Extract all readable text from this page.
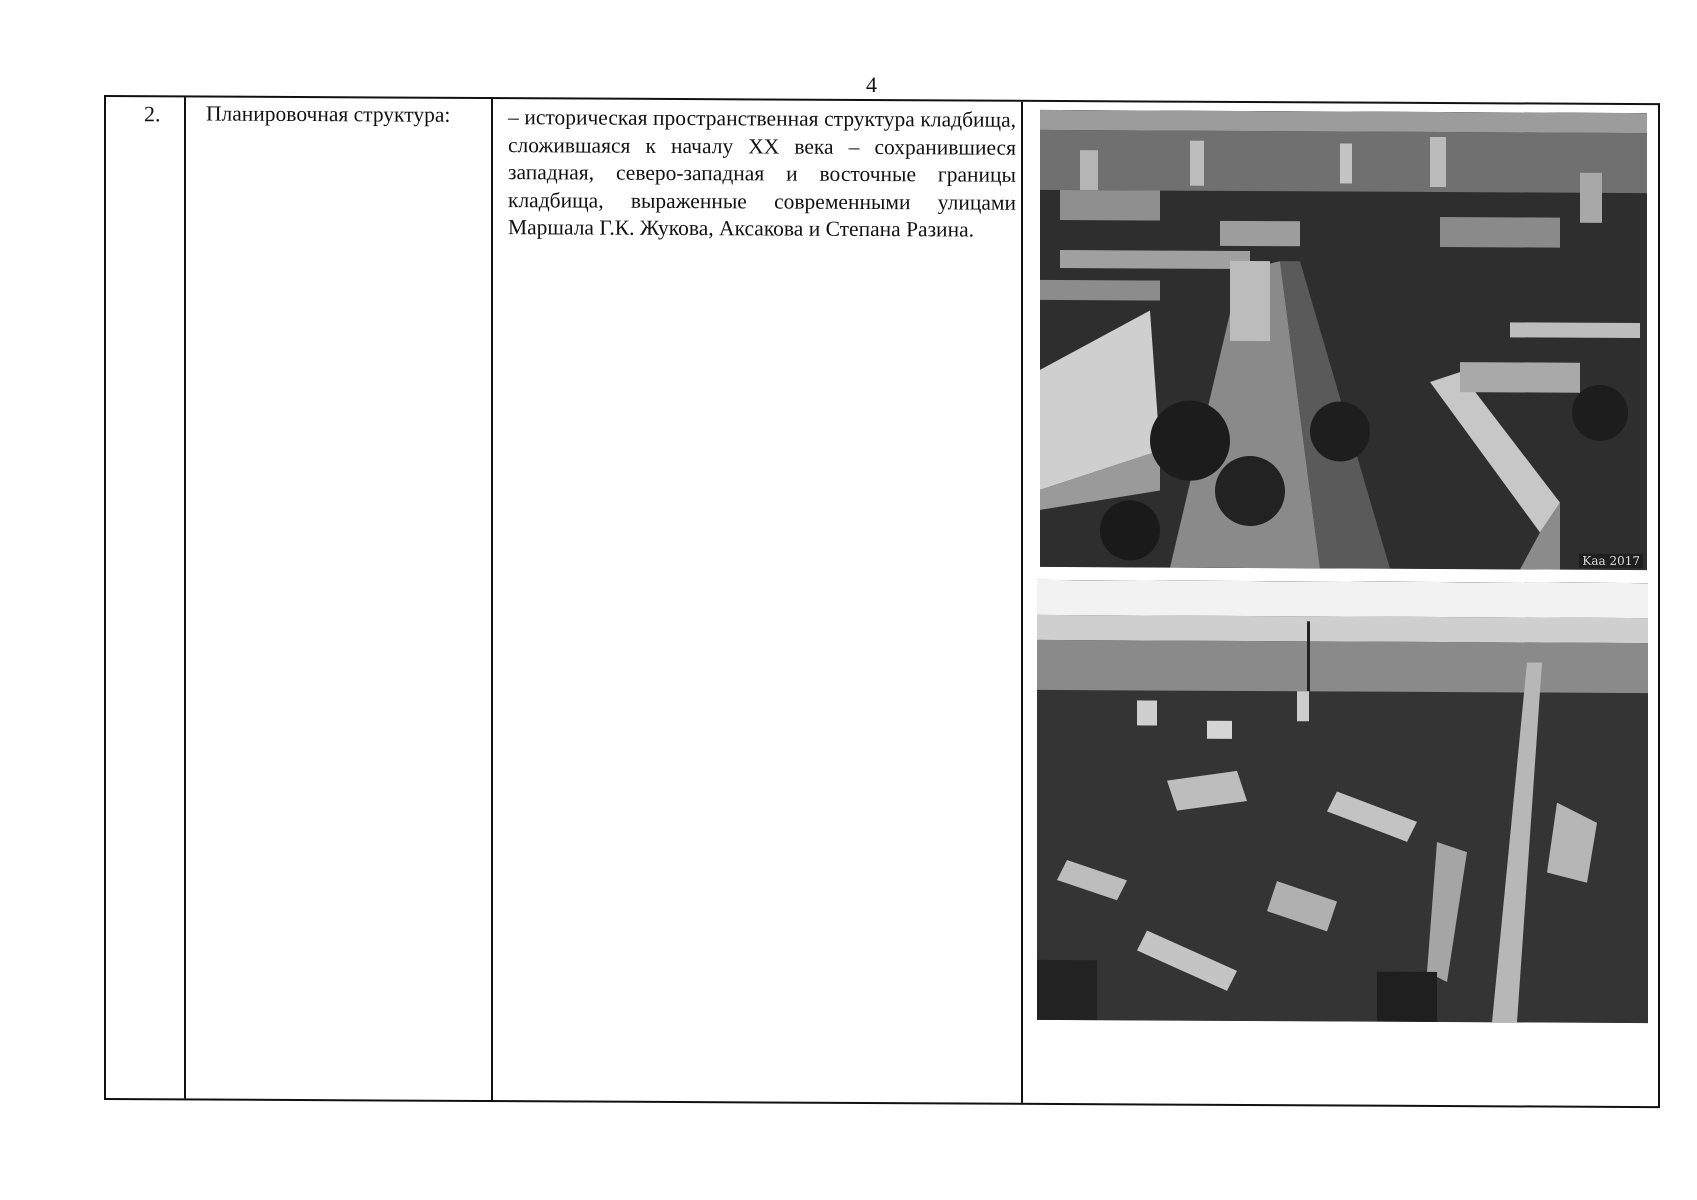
4
2. Планировочная структура:	– историческая пространственная структура кладбища, сложившаяся к началу XX века – сохранившиеся западная, северо-западная и восточные границы кладбища, выраженные современными улицами Маршала Г.К. Жукова, Аксакова и Степана Разина.
Kaa 2017
